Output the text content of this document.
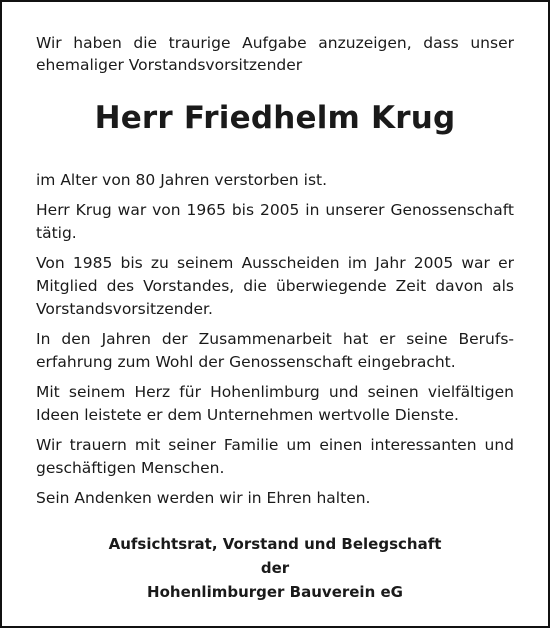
Wir haben die traurige Aufgabe anzuzeigen, dass unser
ehemaliger Vorstandsvorsitzender

Herr Friedhelm Krug

im Alter von 80 Jahren verstorben ist.

Herr Krug war von 1965 bis 2005 in unserer Genossenschaft tätig.

Von 1985 bis zu seinem Ausscheiden im Jahr 2005 war er Mitglied des Vorstandes, die überwiegende Zeit davon als Vorstandsvorsitzender.

In den Jahren der Zusammenarbeit hat er seine Berufserfahrung zum Wohl der Genossenschaft eingebracht.

Mit seinem Herz für Hohenlimburg und seinen vielfältigen Ideen leistete er dem Unternehmen wertvolle Dienste.

Wir trauern mit seiner Familie um einen interessanten und geschäftigen Menschen.

Sein Andenken werden wir in Ehren halten.

Aufsichtsrat, Vorstand und Belegschaft
der
Hohenlimburger Bauverein eG
